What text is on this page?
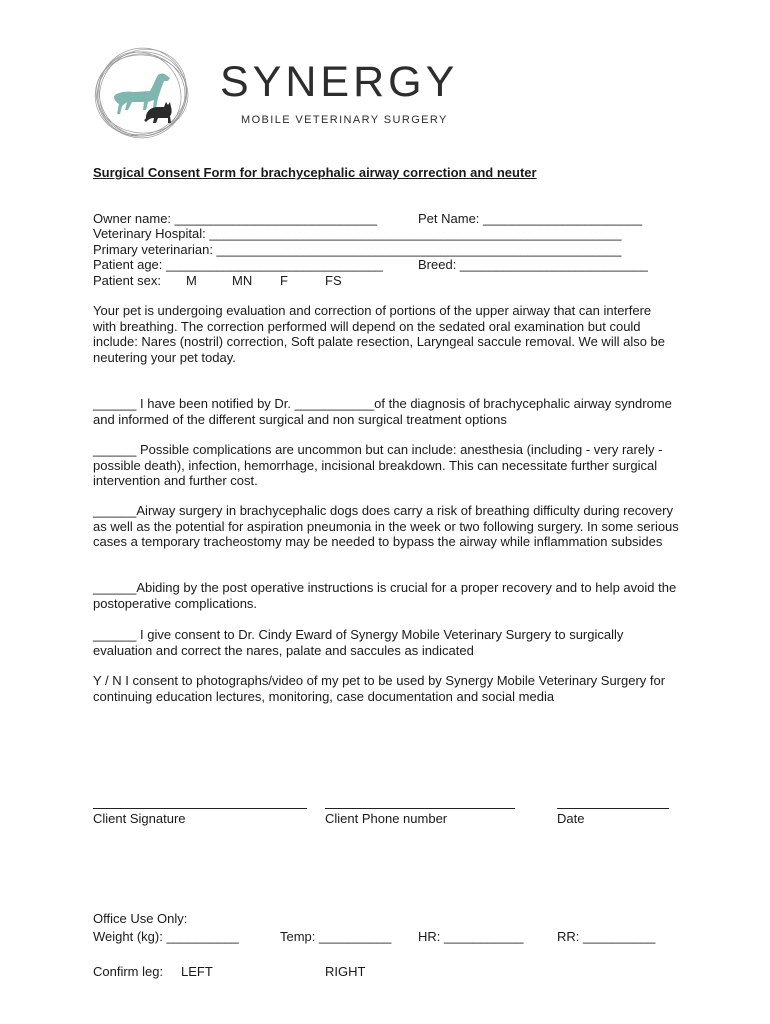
SYNERGY
MOBILE VETERINARY SURGERY
Surgical Consent Form for brachycephalic airway correction and neuter
Owner name: ____________________________	Pet Name: ______________________
Veterinary Hospital: _________________________________________________________
Primary veterinarian: ________________________________________________________
Patient age: ______________________________	Breed: __________________________
Patient sex: M	MN F	FS
Your pet is undergoing evaluation and correction of portions of the upper airway that can interfere with breathing. The correction performed will depend on the sedated oral examination but could include: Nares (nostril) correction, Soft palate resection, Laryngeal saccule removal. We will also be neutering your pet today.
______ I have been notified by Dr. ___________of the diagnosis of brachycephalic airway syndrome and informed of the different surgical and non surgical treatment options
______ Possible complications are uncommon but can include: anesthesia (including - very rarely - possible death), infection, hemorrhage, incisional breakdown. This can necessitate further surgical intervention and further cost.
______Airway surgery in brachycephalic dogs does carry a risk of breathing difficulty during recovery as well as the potential for aspiration pneumonia in the week or two following surgery. In some serious cases a temporary tracheostomy may be needed to bypass the airway while inflammation subsides
______Abiding by the post operative instructions is crucial for a proper recovery and to help avoid the postoperative complications.
______ I give consent to Dr. Cindy Eward of Synergy Mobile Veterinary Surgery to surgically evaluation and correct the nares, palate and saccules as indicated
Y / N I consent to photographs/video of my pet to be used by Synergy Mobile Veterinary Surgery for continuing education lectures, monitoring, case documentation and social media
Client Signature	Client Phone number	Date
Office Use Only:
Weight (kg): __________	Temp: __________ HR: ___________	RR: __________
Confirm leg: LEFT	RIGHT
